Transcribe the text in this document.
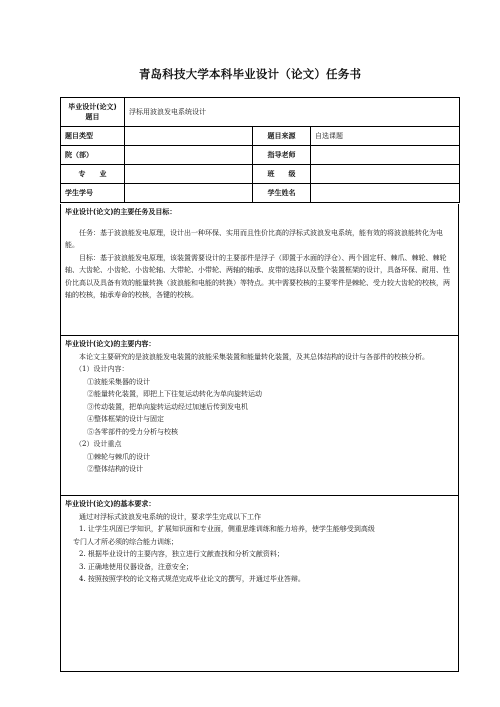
青岛科技大学本科毕业设计（论文）任务书
毕业设计(论文)题目	浮标用波浪发电系统设计		
题目类型		题目来源	自选课题
院（部）		指导老师	
专　　业		班　　级	
学生学号		学生姓名	

毕业设计(论文)的主要任务及目标：

任务：基于波浪能发电原理，设计出一种环保、实用而且性价比高的浮标式波浪发电系统，能有效的将波浪能转化为电能。

目标：基于波浪能发电原理，该装置需要设计的主要部件是浮子（即置于水面的浮仓）、两个固定杆、棘爪、棘轮、棘轮轴、大齿轮、小齿轮、小齿轮轴、大带轮、小带轮、两轴的轴承、皮带的选择以及整个装置框架的设计，具备环保、耐用、性价比高以及具备有效的能量转换（波浪能和电能的转换）等特点。其中需要校核的主要零件是棘轮、受力较大齿轮的校核，两轴的校核，轴承寿命的校核，各键的校核。

毕业设计(论文)的主要内容：

本论文主要研究的是波浪能发电装置的波能采集装置和能量转化装置，及其总体结构的设计与各部件的校核分析。

（1）设计内容：

①波能采集器的设计

②能量转化装置，即把上下往复运动转化为单向旋转运动

③传动装置，把单向旋转运动经过加速后传到发电机

④整体框架的设计与固定

⑤各零部件的受力分析与校核

（2）设计重点

①棘轮与棘爪的设计

②整体结构的设计

毕业设计(论文)的基本要求：

通过对浮标式波浪发电系统的设计，要求学生完成以下工作

1. 让学生巩固已学知识，扩展知识面和专业面，侧重思维训练和能力培养，使学生能够受到高级

专门人才所必须的综合能力训练；

2. 根据毕业设计的主要内容，独立进行文献查找和分析文献资料；

3. 正确地使用仪器设备，注意安全；

4. 按照按照学校的论文格式规范完成毕业论文的撰写，并通过毕业答辩。
